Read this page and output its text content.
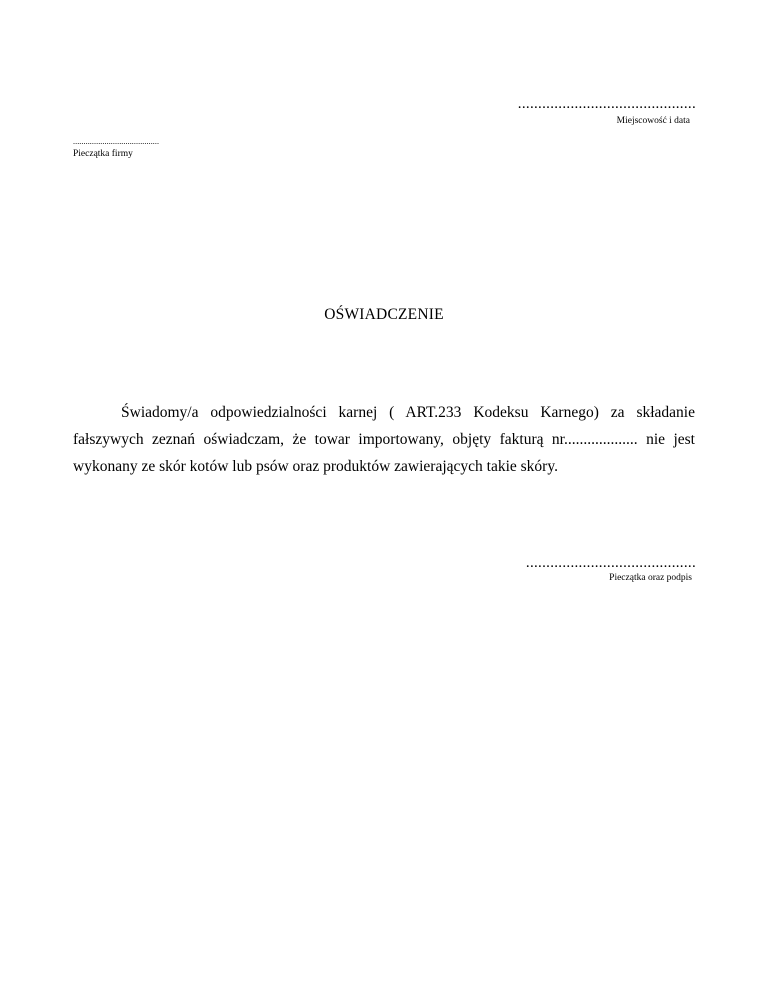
............................................
Miejscowość i data
.........................................
Pieczątka firmy
OŚWIADCZENIE

Świadomy/a odpowiedzialności karnej ( ART.233 Kodeksu Karnego) za składanie fałszywych zeznań oświadczam, że towar importowany, objęty fakturą nr................... nie jest wykonany ze skór kotów lub psów oraz produktów zawierających takie skóry.

..........................................
Pieczątka oraz podpis
